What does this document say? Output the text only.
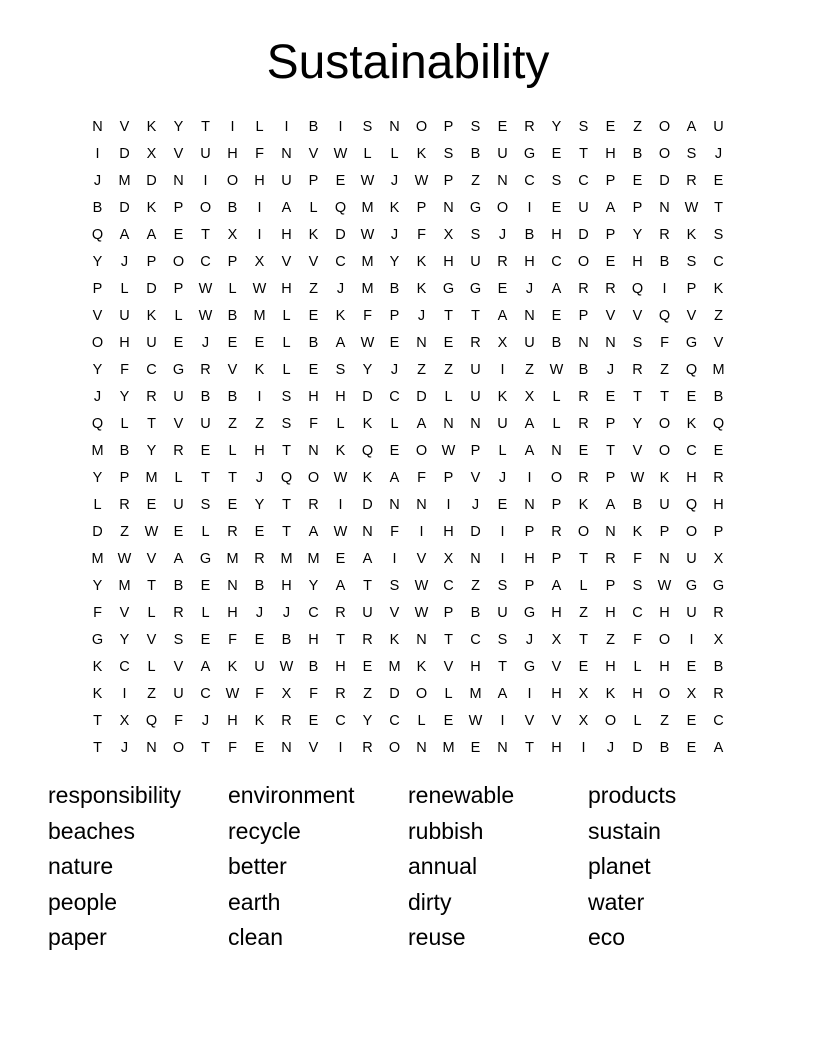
Sustainability
N	V	K	Y	T	I	L	I	B	I	S	N	O	P	S	E	R	Y	S	E	Z	O	A	U
I	D	X	V	U	H	F	N	V	W	L	L	K	S	B	U	G	E	T	H	B	O	S	J
J	M	D	N	I	O	H	U	P	E	W	J	W	P	Z	N	C	S	C	P	E	D	R	E
B	D	K	P	O	B	I	A	L	Q	M	K	P	N	G	O	I	E	U	A	P	N	W	T
Q	A	A	E	T	X	I	H	K	D	W	J	F	X	S	J	B	H	D	P	Y	R	K	S
Y	J	P	O	C	P	X	V	V	C	M	Y	K	H	U	R	H	C	O	E	H	B	S	C
P	L	D	P	W	L	W	H	Z	J	M	B	K	G	G	E	J	A	R	R	Q	I	P	K
V	U	K	L	W	B	M	L	E	K	F	P	J	T	T	A	N	E	P	V	V	Q	V	Z
O	H	U	E	J	E	E	L	B	A	W	E	N	E	R	X	U	B	N	N	S	F	G	V
Y	F	C	G	R	V	K	L	E	S	Y	J	Z	Z	U	I	Z	W	B	J	R	Z	Q	M
J	Y	R	U	B	B	I	S	H	H	D	C	D	L	U	K	X	L	R	E	T	T	E	B
Q	L	T	V	U	Z	Z	S	F	L	K	L	A	N	N	U	A	L	R	P	Y	O	K	Q
M	B	Y	R	E	L	H	T	N	K	Q	E	O	W	P	L	A	N	E	T	V	O	C	E
Y	P	M	L	T	T	J	Q	O	W	K	A	F	P	V	J	I	O	R	P	W	K	H	R
L	R	E	U	S	E	Y	T	R	I	D	N	N	I	J	E	N	P	K	A	B	U	Q	H
D	Z	W	E	L	R	E	T	A	W	N	F	I	H	D	I	P	R	O	N	K	P	O	P
M W	V	A	G	M	R	M	M	E	A	I	V	X	N	I	H	P	T	R	F	N	U	X
Y	M	T	B	E	N	B	H	Y	A	T	S	W	C	Z	S	P	A	L	P	S	W	G	G
F	V	L	R	L	H	J	J	C	R	U	V	W	P	B	U	G	H	Z	H	C	H	U	R
G	Y	V	S	E	F	E	B	H	T	R	K	N	T	C	S	J	X	T	Z	F	O	I	X
K	C	L	V	A	K	U	W	B	H	E	M	K	V	H	T	G	V	E	H	L	H	E	B
K	I	Z	U	C	W	F	X	F	R	Z	D	O	L	M	A	I	H	X	K	H	O	X	R
T	X	Q	F	J	H	K	R	E	C	Y	C	L	E	W	I	V	V	X	O	L	Z	E	C
T	J	N	O	T	F	E	N	V	I	R	O	N	M	E	N	T	H	I	J	D	B	E	A
responsibility	environment	renewable	products
beaches	recycle	rubbish	sustain
nature	better	annual	planet
people	earth	dirty	water
paper	clean	reuse	eco
